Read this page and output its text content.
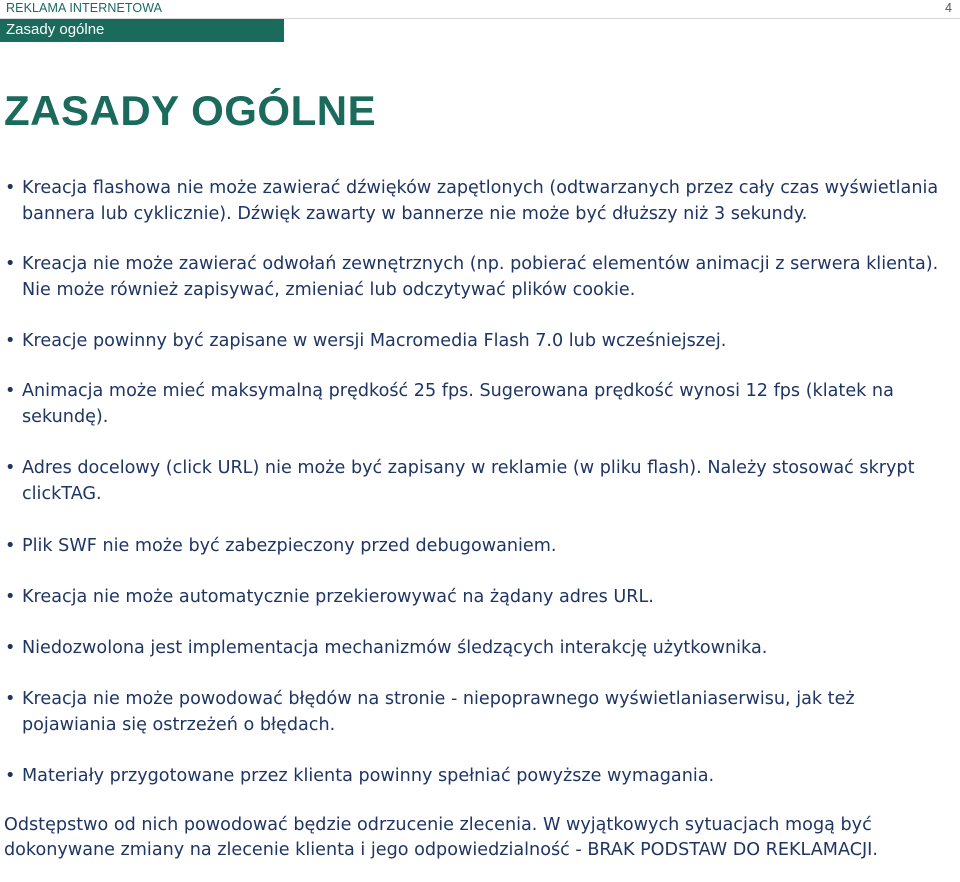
REKLAMA INTERNETOWA	4
Zasady ogólne
ZASADY OGÓLNE
• Kreacja flashowa nie może zawierać dźwięków zapętlonych (odtwarzanych przez cały czas wyświetlania bannera lub cyklicznie). Dźwięk zawarty w bannerze nie może być dłuższy niż 3 sekundy.
• Kreacja nie może zawierać odwołań zewnętrznych (np. pobierać elementów animacji z serwera klienta). Nie może również zapisywać, zmieniać lub odczytywać plików cookie.
• Kreacje powinny być zapisane w wersji Macromedia Flash 7.0 lub wcześniejszej.
• Animacja może mieć maksymalną prędkość 25 fps. Sugerowana prędkość wynosi 12 fps (klatek na sekundę).
• Adres docelowy (click URL) nie może być zapisany w reklamie (w pliku flash). Należy stosować skrypt clickTAG.
• Plik SWF nie może być zabezpieczony przed debugowaniem.
• Kreacja nie może automatycznie przekierowywać na żądany adres URL.
• Niedozwolona jest implementacja mechanizmów śledzących interakcję użytkownika.
• Kreacja nie może powodować błędów na stronie - niepoprawnego wyświetlaniaserwisu, jak też pojawiania się ostrzeżeń o błędach.
• Materiały przygotowane przez klienta powinny spełniać powyższe wymagania.

Odstępstwo od nich powodować będzie odrzucenie zlecenia. W wyjątkowych sytuacjach mogą być dokonywane zmiany na zlecenie klienta i jego odpowiedzialność - BRAK PODSTAW DO REKLAMACJI.
